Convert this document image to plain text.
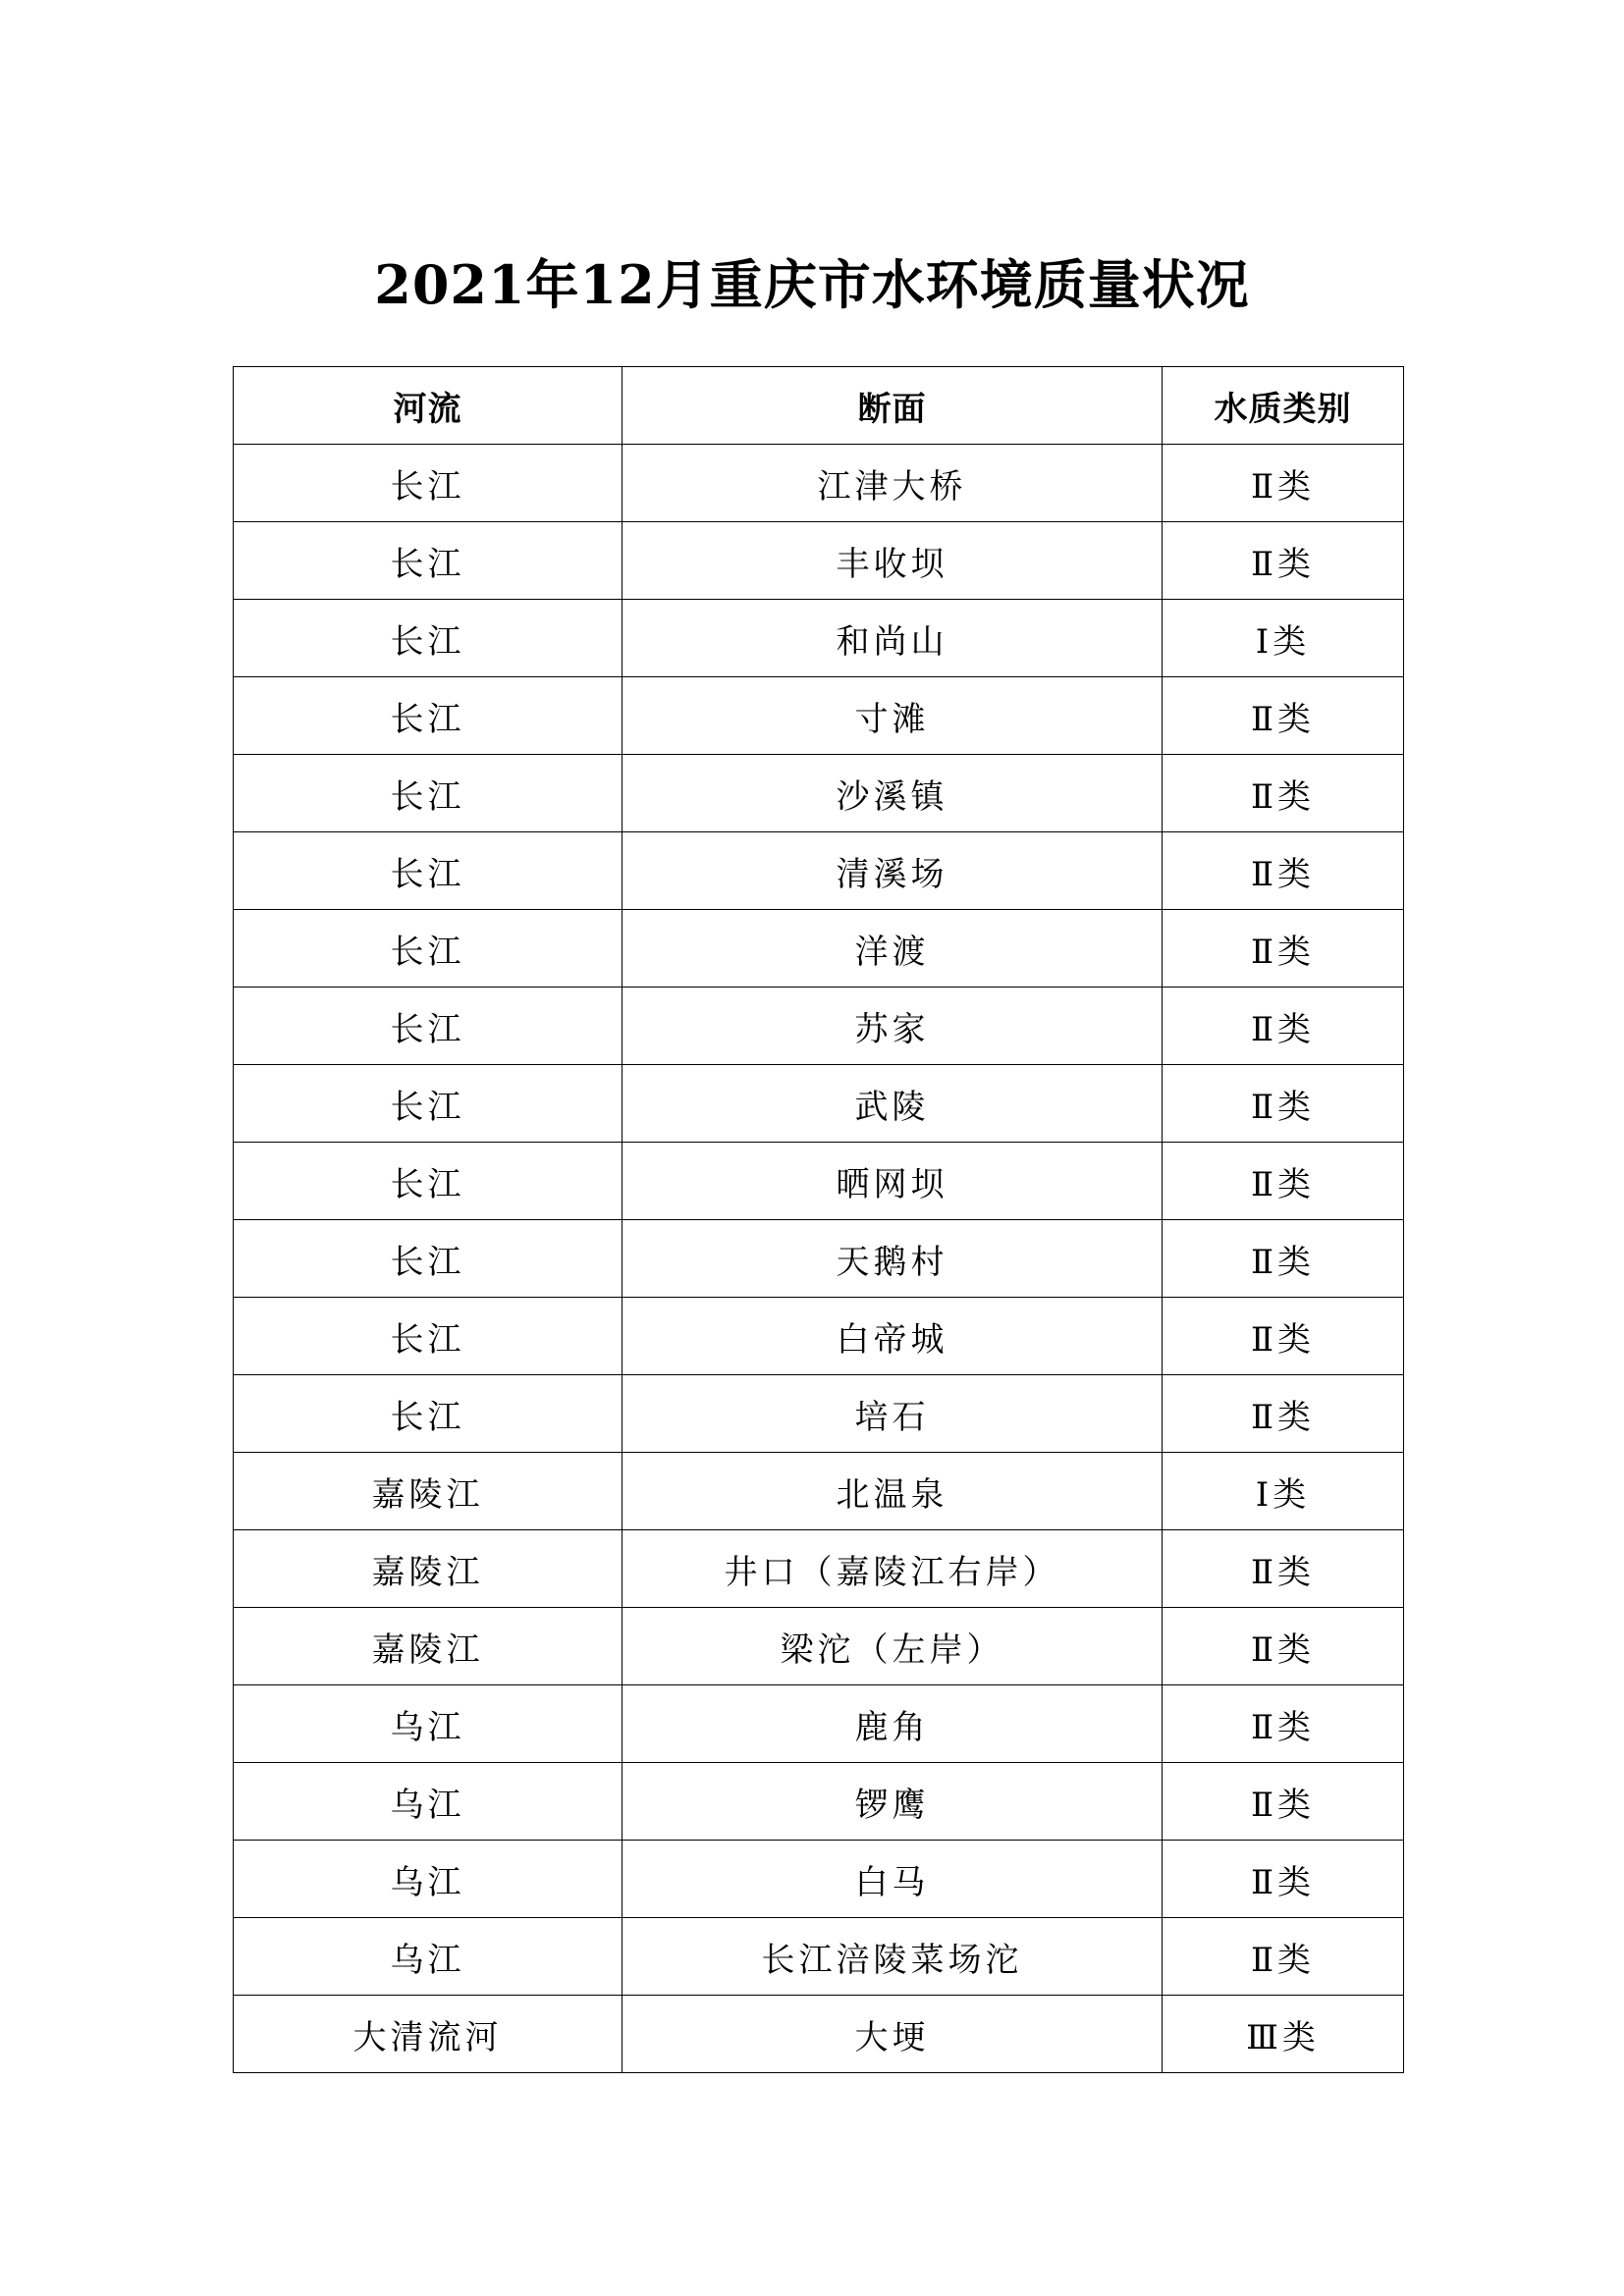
2021年12月重庆市水环境质量状况
河流	断面	水质类别
长江	江津大桥	Ⅱ类
长江	丰收坝	Ⅱ类
长江	和尚山	Ⅰ类
长江	寸滩	Ⅱ类
长江	沙溪镇	Ⅱ类
长江	清溪场	Ⅱ类
长江	洋渡	Ⅱ类
长江	苏家	Ⅱ类
长江	武陵	Ⅱ类
长江	晒网坝	Ⅱ类
长江	天鹅村	Ⅱ类
长江	白帝城	Ⅱ类
长江	培石	Ⅱ类
嘉陵江	北温泉	Ⅰ类
嘉陵江	井口（嘉陵江右岸）	Ⅱ类
嘉陵江	梁沱（左岸）	Ⅱ类
乌江	鹿角	Ⅱ类
乌江	锣鹰	Ⅱ类
乌江	白马	Ⅱ类
乌江	长江涪陵菜场沱	Ⅱ类
大清流河	大埂	Ⅲ类
